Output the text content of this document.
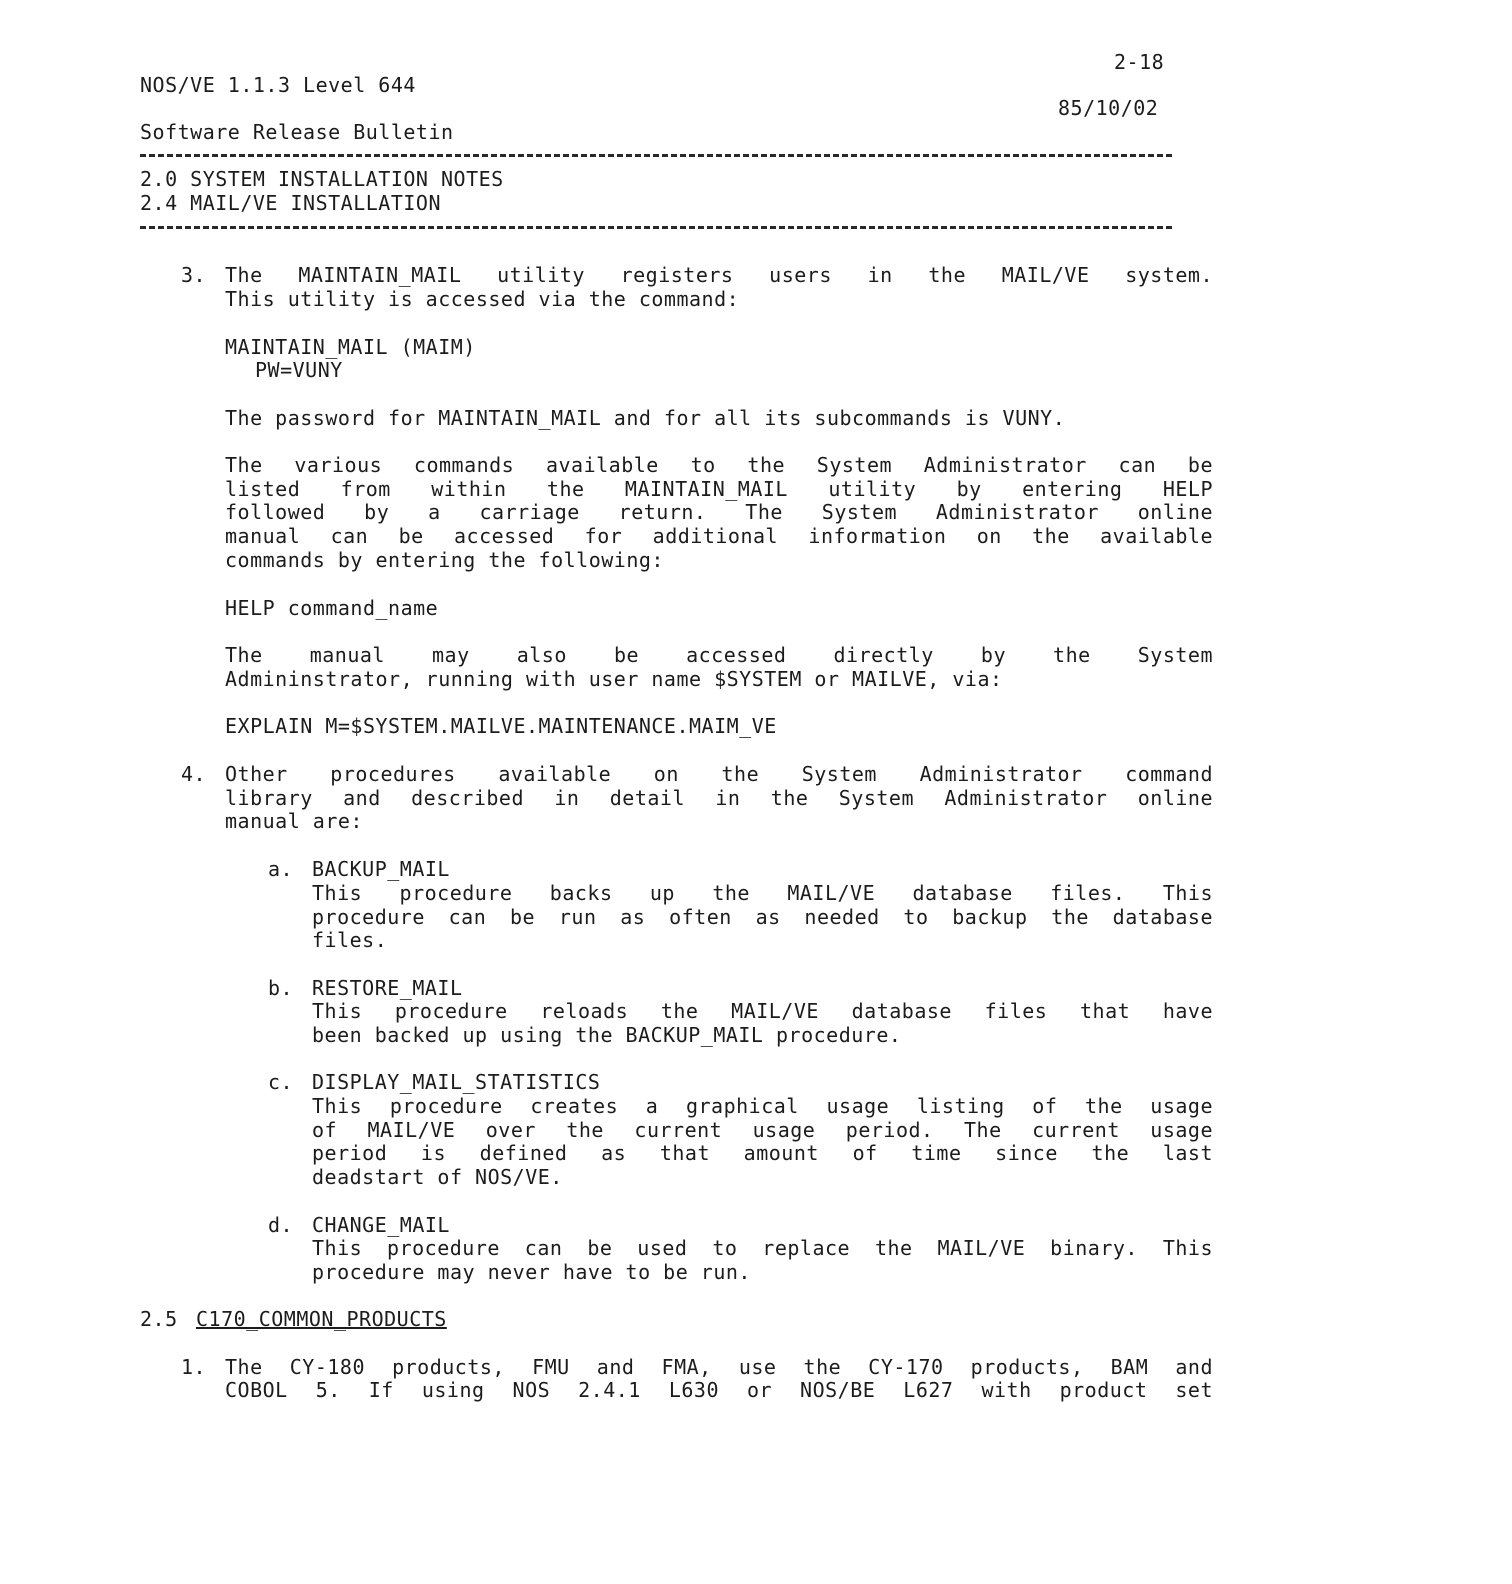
2-18
NOS/VE 1.1.3 Level 644
85/10/02
Software Release Bulletin
2.0 SYSTEM INSTALLATION NOTES
2.4 MAIL/VE INSTALLATION
3. The MAINTAIN_MAIL utility registers users in the MAIL/VE system.
This utility is accessed via the command:
MAINTAIN_MAIL (MAIM)
PW=VUNY
The password for MAINTAIN_MAIL and for all its subcommands is VUNY.
The various commands available to the System Administrator can be
listed from within the MAINTAIN_MAIL utility by entering HELP
followed by a carriage return. The System Administrator online
manual can be accessed for additional information on the available
commands by entering the following:
HELP command_name
The manual may also be accessed directly by the System
Admininstrator, running with user name $SYSTEM or MAILVE, via:
EXPLAIN M=$SYSTEM.MAILVE.MAINTENANCE.MAIM_VE
4. Other procedures available on the System Administrator command
library and described in detail in the System Administrator online
manual are:
a. BACKUP_MAIL
This procedure backs up the MAIL/VE database files. This
procedure can be run as often as needed to backup the database
files.
b. RESTORE_MAIL
This procedure reloads the MAIL/VE database files that have
been backed up using the BACKUP_MAIL procedure.
c. DISPLAY_MAIL_STATISTICS
This procedure creates a graphical usage listing of the usage
of MAIL/VE over the current usage period. The current usage
period is defined as that amount of time since the last
deadstart of NOS/VE.
d. CHANGE_MAIL
This procedure can be used to replace the MAIL/VE binary. This
procedure may never have to be run.
2.5 C170_COMMON_PRODUCTS
1. The CY-180 products, FMU and FMA, use the CY-170 products, BAM and
COBOL 5. If using NOS 2.4.1 L630 or NOS/BE L627 with product set
